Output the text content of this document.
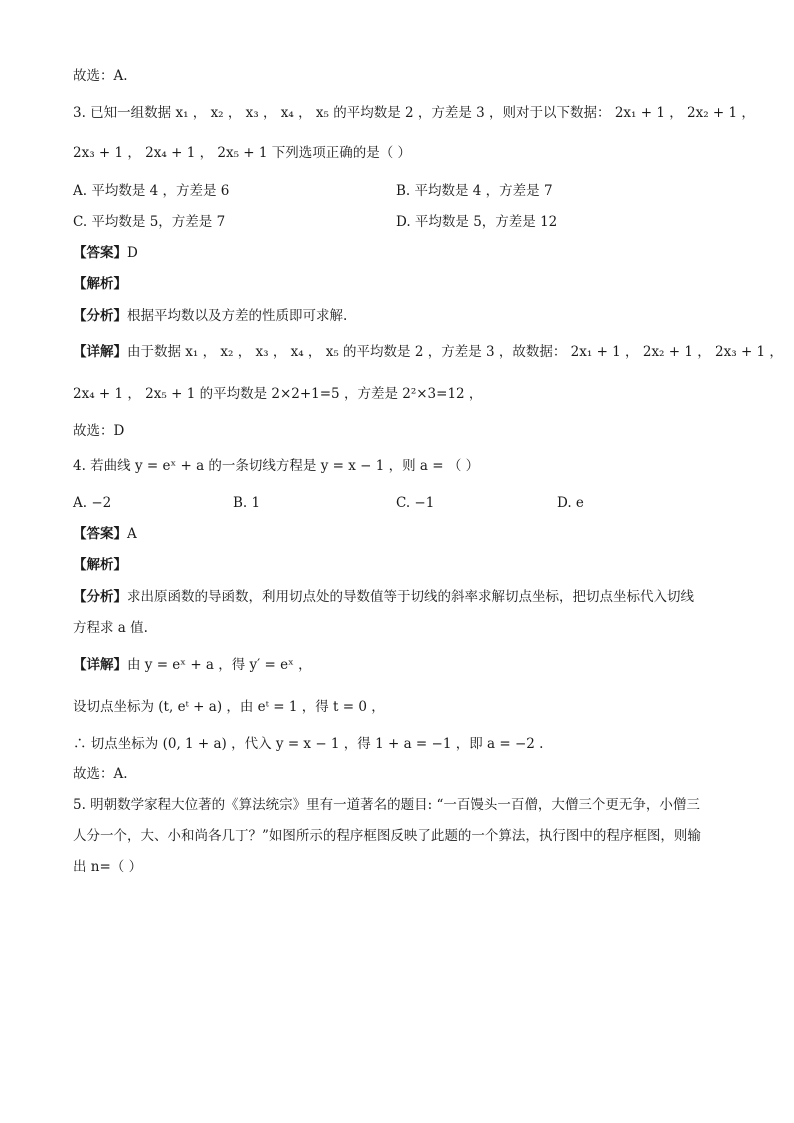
故选：A.
3. 已知一组数据 x₁ ， x₂ ， x₃ ， x₄ ， x₅ 的平均数是 2 ，方差是 3 ，则对于以下数据： 2x₁ + 1 ， 2x₂ + 1 ，
2x₃ + 1 ， 2x₄ + 1 ， 2x₅ + 1 下列选项正确的是（ ）
A. 平均数是 4 ，方差是 6	B. 平均数是 4 ，方差是 7
C. 平均数是 5，方差是 7	D. 平均数是 5，方差是 12
【答案】D
【解析】
【分析】根据平均数以及方差的性质即可求解.
【详解】由于数据 x₁ ， x₂ ， x₃ ， x₄ ， x₅ 的平均数是 2 ，方差是 3 ，故数据： 2x₁ + 1 ， 2x₂ + 1 ， 2x₃ + 1 ，
2x₄ + 1 ， 2x₅ + 1 的平均数是 2×2+1=5 ，方差是 2²×3=12 ，
故选：D
4. 若曲线 y = eˣ + a 的一条切线方程是 y = x − 1 ，则 a = （ ）
A. −2	B. 1	C. −1	D. e
【答案】A
【解析】
【分析】求出原函数的导函数，利用切点处的导数值等于切线的斜率求解切点坐标，把切点坐标代入切线
方程求 a 值.
【详解】由 y = eˣ + a ，得 y′ = eˣ ，
设切点坐标为 (t, eᵗ + a) ，由 eᵗ = 1 ，得 t = 0 ，
∴ 切点坐标为 (0, 1 + a) ，代入 y = x − 1 ，得 1 + a = −1 ，即 a = −2 .
故选：A.
5. 明朝数学家程大位著的《算法统宗》里有一道著名的题目: “一百馒头一百僧，大僧三个更无争，小僧三
人分一个，大、小和尚各几丁？”如图所示的程序框图反映了此题的一个算法，执行图中的程序框图，则输
出 n=（ ）
